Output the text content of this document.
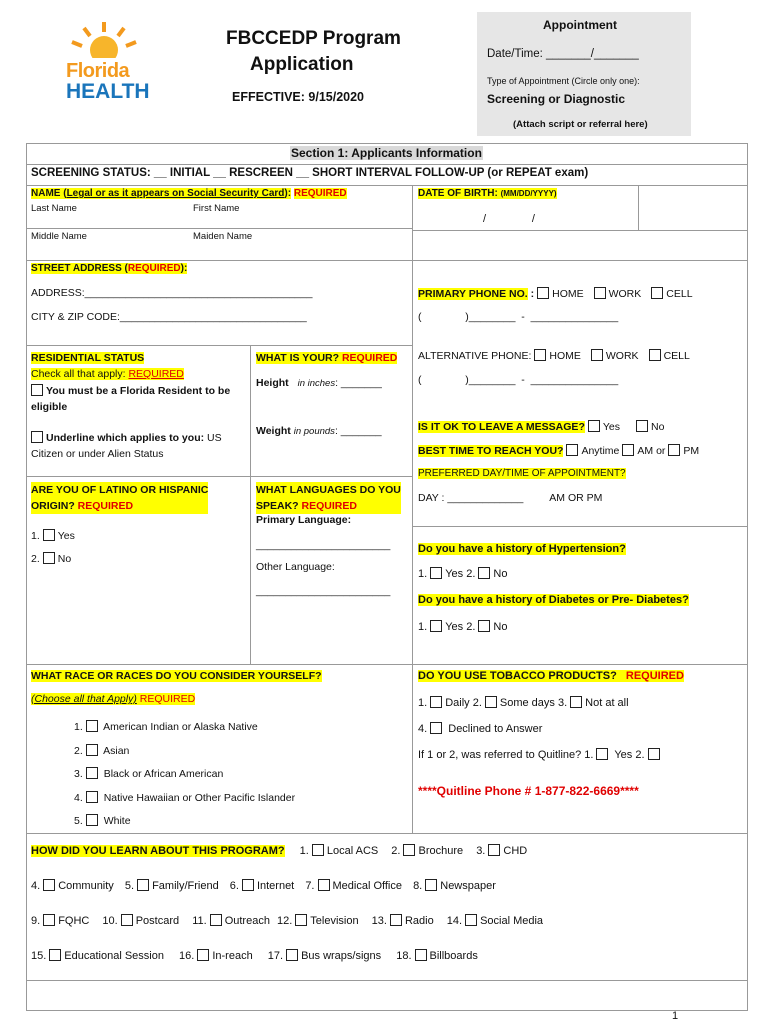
Florida
HEALTH
FBCCEDP Program
Application
EFFECTIVE: 9/15/2020
Appointment
Date/Time: _______/_______
Type of Appointment (Circle only one):
Screening or Diagnostic
(Attach script or referral here)
Section 1: Applicants Information
SCREENING STATUS: __ INITIAL __ RESCREEN __ SHORT INTERVAL FOLLOW-UP (or REPEAT exam)
NAME (Legal or as it appears on Social Security Card): REQUIRED
Last Name	First Name
Middle Name	Maiden Name
DATE OF BIRTH: (MM/DD/YYYY)
/               /
STREET ADDRESS (REQUIRED):
ADDRESS:_______________________________________
CITY & ZIP CODE:________________________________
PRIMARY PHONE NO. : HOME WORK CELL
(               )________  -  _______________
ALTERNATIVE PHONE: HOME WORK CELL
(               )________  -  _______________
RESIDENTIAL STATUS
Check all that apply: REQUIRED
You must be a Florida Resident to be eligible
Underline which applies to you: US Citizen or under Alien Status
WHAT IS YOUR? REQUIRED
Height in inches: _______
Weight in pounds: _______	IS IT OK TO LEAVE A MESSAGE? Yes	No
BEST TIME TO REACH YOU? Anytime AM or PM
PREFERRED DAY/TIME OF APPOINTMENT?
DAY : _____________ AM OR PM
ARE YOU OF LATINO OR HISPANIC
ORIGIN? REQUIRED
1. Yes
2. No
WHAT LANGUAGES DO YOU
SPEAK? REQUIRED
Primary Language:
_______________________
Other Language:
_______________________
Do you have a history of Hypertension?
1. Yes 2. No
Do you have a history of Diabetes or Pre- Diabetes?
1. Yes 2. No
WHAT RACE OR RACES DO YOU CONSIDER YOURSELF?
(Choose all that Apply) REQUIRED
1. American Indian or Alaska Native
2. Asian
3. Black or African American
4. Native Hawaiian or Other Pacific Islander
5. White
DO YOU USE TOBACCO PRODUCTS? REQUIRED
1. Daily 2. Some days 3. Not at all
4. Declined to Answer
If 1 or 2, was referred to Quitline? 1. Yes 2.
****Quitline Phone # 1-877-822-6669****
HOW DID YOU LEARN ABOUT THIS PROGRAM? 1. Local ACS 2. Brochure 3. CHD
4. Community 5. Family/Friend 6. Internet 7. Medical Office 8. Newspaper
9. FQHC 10. Postcard 11. Outreach 12. Television 13. Radio 14. Social Media
15. Educational Session 16. In-reach 17. Bus wraps/signs 18. Billboards
1
